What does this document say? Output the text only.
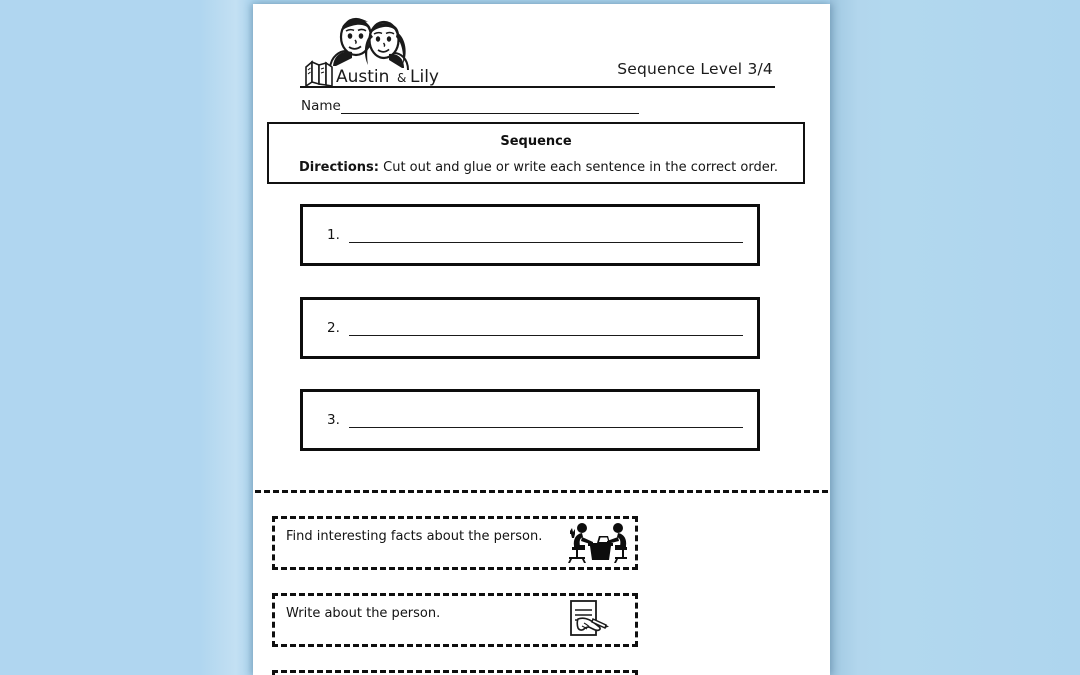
Austin & Lily	Sequence Level 3/4
Name
Sequence
Directions: Cut out and glue or write each sentence in the correct order.
1.
2.
3.
Find interesting facts about the person.
Write about the person.
